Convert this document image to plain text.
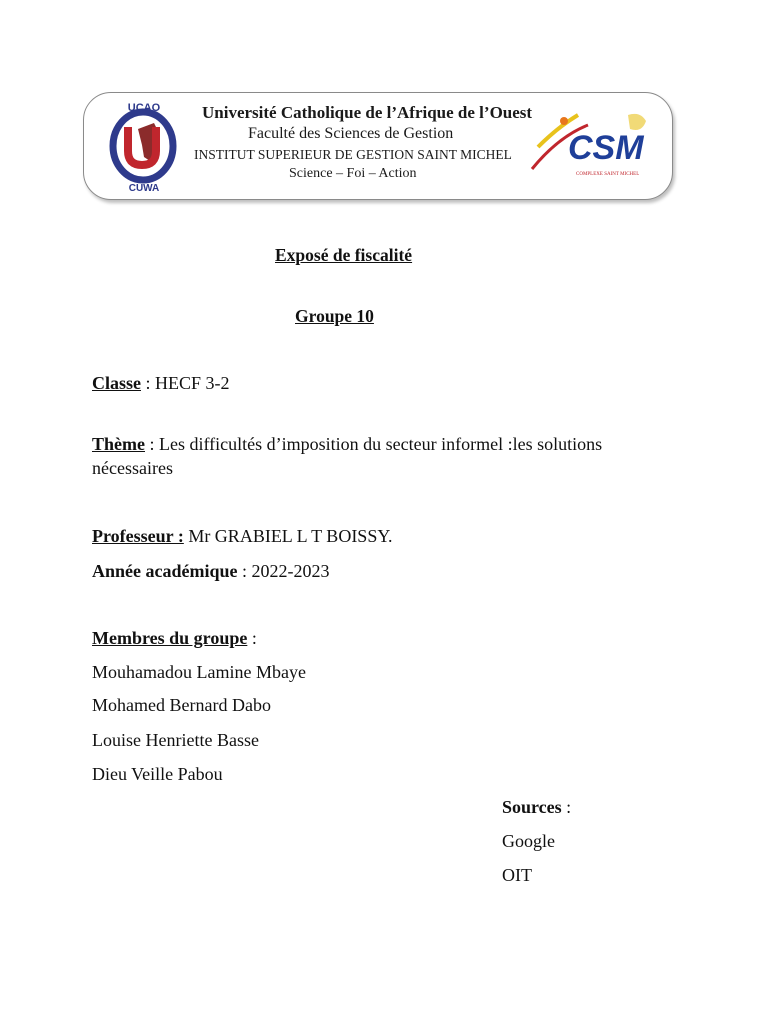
UCAO
CUWA
Université Catholique de l’Afrique de l’Ouest
Faculté des Sciences de Gestion
INSTITUT SUPERIEUR DE GESTION SAINT MICHEL
Science – Foi – Action
CSM
COMPLEXE SAINT MICHEL
Exposé de fiscalité
Groupe 10
Classe : HECF 3-2
Thème : Les difficultés d’imposition du secteur informel :les solutions
nécessaires
Professeur : Mr GRABIEL L T BOISSY.
Année académique : 2022-2023
Membres du groupe :
Mouhamadou Lamine Mbaye
Mohamed Bernard Dabo
Louise Henriette Basse
Dieu Veille Pabou
Sources :
Google
OIT
